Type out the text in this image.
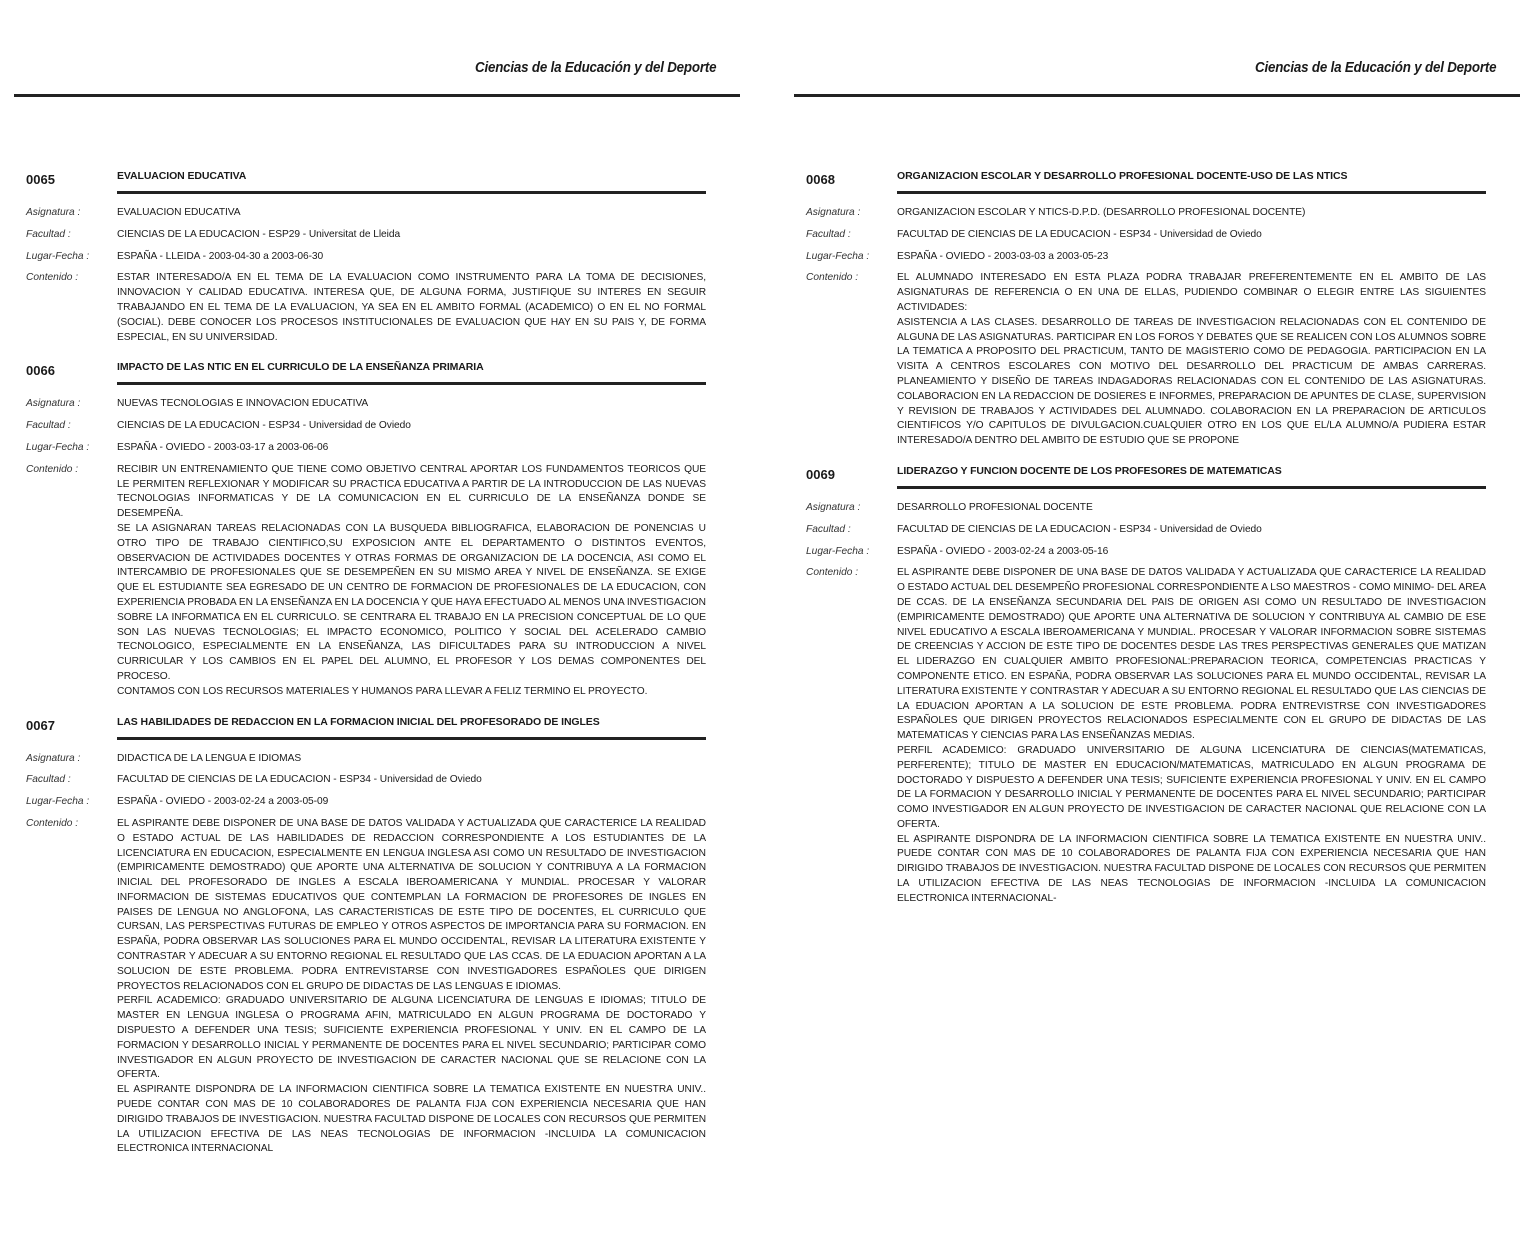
Ciencias de la Educación y del Deporte
0065	EVALUACION EDUCATIVA
Asignatura :	EVALUACION EDUCATIVA
Facultad :	CIENCIAS DE LA EDUCACION - ESP29 - Universitat de Lleida
Lugar-Fecha :	ESPAÑA - LLEIDA - 2003-04-30 a 2003-06-30
Contenido :	ESTAR INTERESADO/A EN EL TEMA DE LA EVALUACION COMO INSTRUMENTO PARA LA TOMA DE DECISIONES, INNOVACION Y CALIDAD EDUCATIVA. INTERESA QUE, DE ALGUNA FORMA, JUSTIFIQUE SU INTERES EN SEGUIR TRABAJANDO EN EL TEMA DE LA EVALUACION, YA SEA EN EL AMBITO FORMAL (ACADEMICO) O EN EL NO FORMAL (SOCIAL). DEBE CONOCER LOS PROCESOS INSTITUCIONALES DE EVALUACION QUE HAY EN SU PAIS Y, DE FORMA ESPECIAL, EN SU UNIVERSIDAD.

0066	IMPACTO DE LAS NTIC EN EL CURRICULO DE LA ENSEÑANZA PRIMARIA
Asignatura :	NUEVAS TECNOLOGIAS E INNOVACION EDUCATIVA
Facultad :	CIENCIAS DE LA EDUCACION - ESP34 - Universidad de Oviedo
Lugar-Fecha :	ESPAÑA - OVIEDO - 2003-03-17 a 2003-06-06
Contenido :	RECIBIR UN ENTRENAMIENTO QUE TIENE COMO OBJETIVO CENTRAL APORTAR LOS FUNDAMENTOS TEORICOS QUE LE PERMITEN REFLEXIONAR Y MODIFICAR SU PRACTICA EDUCATIVA A PARTIR DE LA INTRODUCCION DE LAS NUEVAS TECNOLOGIAS INFORMATICAS Y DE LA COMUNICACION EN EL CURRICULO DE LA ENSEÑANZA DONDE SE DESEMPEÑA.

SE LA ASIGNARAN TAREAS RELACIONADAS CON LA BUSQUEDA BIBLIOGRAFICA, ELABORACION DE PONENCIAS U OTRO TIPO DE TRABAJO CIENTIFICO,SU EXPOSICION ANTE EL DEPARTAMENTO O DISTINTOS EVENTOS, OBSERVACION DE ACTIVIDADES DOCENTES Y OTRAS FORMAS DE ORGANIZACION DE LA DOCENCIA, ASI COMO EL INTERCAMBIO DE PROFESIONALES QUE SE DESEMPEÑEN EN SU MISMO AREA Y NIVEL DE ENSEÑANZA. SE EXIGE QUE EL ESTUDIANTE SEA EGRESADO DE UN CENTRO DE FORMACION DE PROFESIONALES DE LA EDUCACION, CON EXPERIENCIA PROBADA EN LA ENSEÑANZA EN LA DOCENCIA Y QUE HAYA EFECTUADO AL MENOS UNA INVESTIGACION SOBRE LA INFORMATICA EN EL CURRICULO. SE CENTRARA EL TRABAJO EN LA PRECISION CONCEPTUAL DE LO QUE SON LAS NUEVAS TECNOLOGIAS; EL IMPACTO ECONOMICO, POLITICO Y SOCIAL DEL ACELERADO CAMBIO TECNOLOGICO, ESPECIALMENTE EN LA ENSEÑANZA, LAS DIFICULTADES PARA SU INTRODUCCION A NIVEL CURRICULAR Y LOS CAMBIOS EN EL PAPEL DEL ALUMNO, EL PROFESOR Y LOS DEMAS COMPONENTES DEL PROCESO.

CONTAMOS CON LOS RECURSOS MATERIALES Y HUMANOS PARA LLEVAR A FELIZ TERMINO EL PROYECTO.

0067	LAS HABILIDADES DE REDACCION EN LA FORMACION INICIAL DEL PROFESORADO DE INGLES
Asignatura :	DIDACTICA DE LA LENGUA E IDIOMAS
Facultad :	FACULTAD DE CIENCIAS DE LA EDUCACION - ESP34 - Universidad de Oviedo
Lugar-Fecha :	ESPAÑA - OVIEDO - 2003-02-24 a 2003-05-09
Contenido :	EL ASPIRANTE DEBE DISPONER DE UNA BASE DE DATOS VALIDADA Y ACTUALIZADA QUE CARACTERICE LA REALIDAD O ESTADO ACTUAL DE LAS HABILIDADES DE REDACCION CORRESPONDIENTE A LOS ESTUDIANTES DE LA LICENCIATURA EN EDUCACION, ESPECIALMENTE EN LENGUA INGLESA ASI COMO UN RESULTADO DE INVESTIGACION (EMPIRICAMENTE DEMOSTRADO) QUE APORTE UNA ALTERNATIVA DE SOLUCION Y CONTRIBUYA A LA FORMACION INICIAL DEL PROFESORADO DE INGLES A ESCALA IBEROAMERICANA Y MUNDIAL. PROCESAR Y VALORAR INFORMACION DE SISTEMAS EDUCATIVOS QUE CONTEMPLAN LA FORMACION DE PROFESORES DE INGLES EN PAISES DE LENGUA NO ANGLOFONA, LAS CARACTERISTICAS DE ESTE TIPO DE DOCENTES, EL CURRICULO QUE CURSAN, LAS PERSPECTIVAS FUTURAS DE EMPLEO Y OTROS ASPECTOS DE IMPORTANCIA PARA SU FORMACION. EN ESPAÑA, PODRA OBSERVAR LAS SOLUCIONES PARA EL MUNDO OCCIDENTAL, REVISAR LA LITERATURA EXISTENTE Y CONTRASTAR Y ADECUAR A SU ENTORNO REGIONAL EL RESULTADO QUE LAS CCAS. DE LA EDUACION APORTAN A LA SOLUCION DE ESTE PROBLEMA. PODRA ENTREVISTARSE CON INVESTIGADORES ESPAÑOLES QUE DIRIGEN PROYECTOS RELACIONADOS CON EL GRUPO DE DIDACTAS DE LAS LENGUAS E IDIOMAS.

PERFIL ACADEMICO: GRADUADO UNIVERSITARIO DE ALGUNA LICENCIATURA DE LENGUAS E IDIOMAS; TITULO DE MASTER EN LENGUA INGLESA O PROGRAMA AFIN, MATRICULADO EN ALGUN PROGRAMA DE DOCTORADO Y DISPUESTO A DEFENDER UNA TESIS; SUFICIENTE EXPERIENCIA PROFESIONAL Y UNIV. EN EL CAMPO DE LA FORMACION Y DESARROLLO INICIAL Y PERMANENTE DE DOCENTES PARA EL NIVEL SECUNDARIO; PARTICIPAR COMO INVESTIGADOR EN ALGUN PROYECTO DE INVESTIGACION DE CARACTER NACIONAL QUE SE RELACIONE CON LA OFERTA.

EL ASPIRANTE DISPONDRA DE LA INFORMACION CIENTIFICA SOBRE LA TEMATICA EXISTENTE EN NUESTRA UNIV.. PUEDE CONTAR CON MAS DE 10 COLABORADORES DE PALANTA FIJA CON EXPERIENCIA NECESARIA QUE HAN DIRIGIDO TRABAJOS DE INVESTIGACION. NUESTRA FACULTAD DISPONE DE LOCALES CON RECURSOS QUE PERMITEN LA UTILIZACION EFECTIVA DE LAS NEAS TECNOLOGIAS DE INFORMACION -INCLUIDA LA COMUNICACION ELECTRONICA INTERNACIONAL

Ciencias de la Educación y del Deporte
0068	ORGANIZACION ESCOLAR Y DESARROLLO PROFESIONAL DOCENTE-USO DE LAS NTICS
Asignatura :	ORGANIZACION ESCOLAR Y NTICS-D.P.D. (DESARROLLO PROFESIONAL DOCENTE)
Facultad :	FACULTAD DE CIENCIAS DE LA EDUCACION - ESP34 - Universidad de Oviedo
Lugar-Fecha :	ESPAÑA - OVIEDO - 2003-03-03 a 2003-05-23
Contenido :	EL ALUMNADO INTERESADO EN ESTA PLAZA PODRA TRABAJAR PREFERENTEMENTE EN EL AMBITO DE LAS ASIGNATURAS DE REFERENCIA O EN UNA DE ELLAS, PUDIENDO COMBINAR O ELEGIR ENTRE LAS SIGUIENTES ACTIVIDADES:

ASISTENCIA A LAS CLASES. DESARROLLO DE TAREAS DE INVESTIGACION RELACIONADAS CON EL CONTENIDO DE ALGUNA DE LAS ASIGNATURAS. PARTICIPAR EN LOS FOROS Y DEBATES QUE SE REALICEN CON LOS ALUMNOS SOBRE LA TEMATICA A PROPOSITO DEL PRACTICUM, TANTO DE MAGISTERIO COMO DE PEDAGOGIA. PARTICIPACION EN LA VISITA A CENTROS ESCOLARES CON MOTIVO DEL DESARROLLO DEL PRACTICUM DE AMBAS CARRERAS. PLANEAMIENTO Y DISEÑO DE TAREAS INDAGADORAS RELACIONADAS CON EL CONTENIDO DE LAS ASIGNATURAS. COLABORACION EN LA REDACCION DE DOSIERES E INFORMES, PREPARACION DE APUNTES DE CLASE, SUPERVISION Y REVISION DE TRABAJOS Y ACTIVIDADES DEL ALUMNADO. COLABORACION EN LA PREPARACION DE ARTICULOS CIENTIFICOS Y/O CAPITULOS DE DIVULGACION.CUALQUIER OTRO EN LOS QUE EL/LA ALUMNO/A PUDIERA ESTAR INTERESADO/A DENTRO DEL AMBITO DE ESTUDIO QUE SE PROPONE

0069	LIDERAZGO Y FUNCION DOCENTE DE LOS PROFESORES DE MATEMATICAS
Asignatura :	DESARROLLO PROFESIONAL DOCENTE
Facultad :	FACULTAD DE CIENCIAS DE LA EDUCACION - ESP34 - Universidad de Oviedo
Lugar-Fecha :	ESPAÑA - OVIEDO - 2003-02-24 a 2003-05-16
Contenido :	EL ASPIRANTE DEBE DISPONER DE UNA BASE DE DATOS VALIDADA Y ACTUALIZADA QUE CARACTERICE LA REALIDAD O ESTADO ACTUAL DEL DESEMPEÑO PROFESIONAL CORRESPONDIENTE A LSO MAESTROS - COMO MINIMO- DEL AREA DE CCAS. DE LA ENSEÑANZA SECUNDARIA DEL PAIS DE ORIGEN ASI COMO UN RESULTADO DE INVESTIGACION (EMPIRICAMENTE DEMOSTRADO) QUE APORTE UNA ALTERNATIVA DE SOLUCION Y CONTRIBUYA AL CAMBIO DE ESE NIVEL EDUCATIVO A ESCALA IBEROAMERICANA Y MUNDIAL. PROCESAR Y VALORAR INFORMACION SOBRE SISTEMAS DE CREENCIAS Y ACCION DE ESTE TIPO DE DOCENTES DESDE LAS TRES PERSPECTIVAS GENERALES QUE MATIZAN EL LIDERAZGO EN CUALQUIER AMBITO PROFESIONAL:PREPARACION TEORICA, COMPETENCIAS PRACTICAS Y COMPONENTE ETICO. EN ESPAÑA, PODRA OBSERVAR LAS SOLUCIONES PARA EL MUNDO OCCIDENTAL, REVISAR LA LITERATURA EXISTENTE Y CONTRASTAR Y ADECUAR A SU ENTORNO REGIONAL EL RESULTADO QUE LAS CIENCIAS DE LA EDUACION APORTAN A LA SOLUCION DE ESTE PROBLEMA. PODRA ENTREVISTRSE CON INVESTIGADORES ESPAÑOLES QUE DIRIGEN PROYECTOS RELACIONADOS ESPECIALMENTE CON EL GRUPO DE DIDACTAS DE LAS MATEMATICAS Y CIENCIAS PARA LAS ENSEÑANZAS MEDIAS.

PERFIL ACADEMICO: GRADUADO UNIVERSITARIO DE ALGUNA LICENCIATURA DE CIENCIAS(MATEMATICAS, PERFERENTE); TITULO DE MASTER EN EDUCACION/MATEMATICAS, MATRICULADO EN ALGUN PROGRAMA DE DOCTORADO Y DISPUESTO A DEFENDER UNA TESIS; SUFICIENTE EXPERIENCIA PROFESIONAL Y UNIV. EN EL CAMPO DE LA FORMACION Y DESARROLLO INICIAL Y PERMANENTE DE DOCENTES PARA EL NIVEL SECUNDARIO; PARTICIPAR COMO INVESTIGADOR EN ALGUN PROYECTO DE INVESTIGACION DE CARACTER NACIONAL QUE RELACIONE CON LA OFERTA.

EL ASPIRANTE DISPONDRA DE LA INFORMACION CIENTIFICA SOBRE LA TEMATICA EXISTENTE EN NUESTRA UNIV.. PUEDE CONTAR CON MAS DE 10 COLABORADORES DE PALANTA FIJA CON EXPERIENCIA NECESARIA QUE HAN DIRIGIDO TRABAJOS DE INVESTIGACION. NUESTRA FACULTAD DISPONE DE LOCALES CON RECURSOS QUE PERMITEN LA UTILIZACION EFECTIVA DE LAS NEAS TECNOLOGIAS DE INFORMACION -INCLUIDA LA COMUNICACION ELECTRONICA INTERNACIONAL-
